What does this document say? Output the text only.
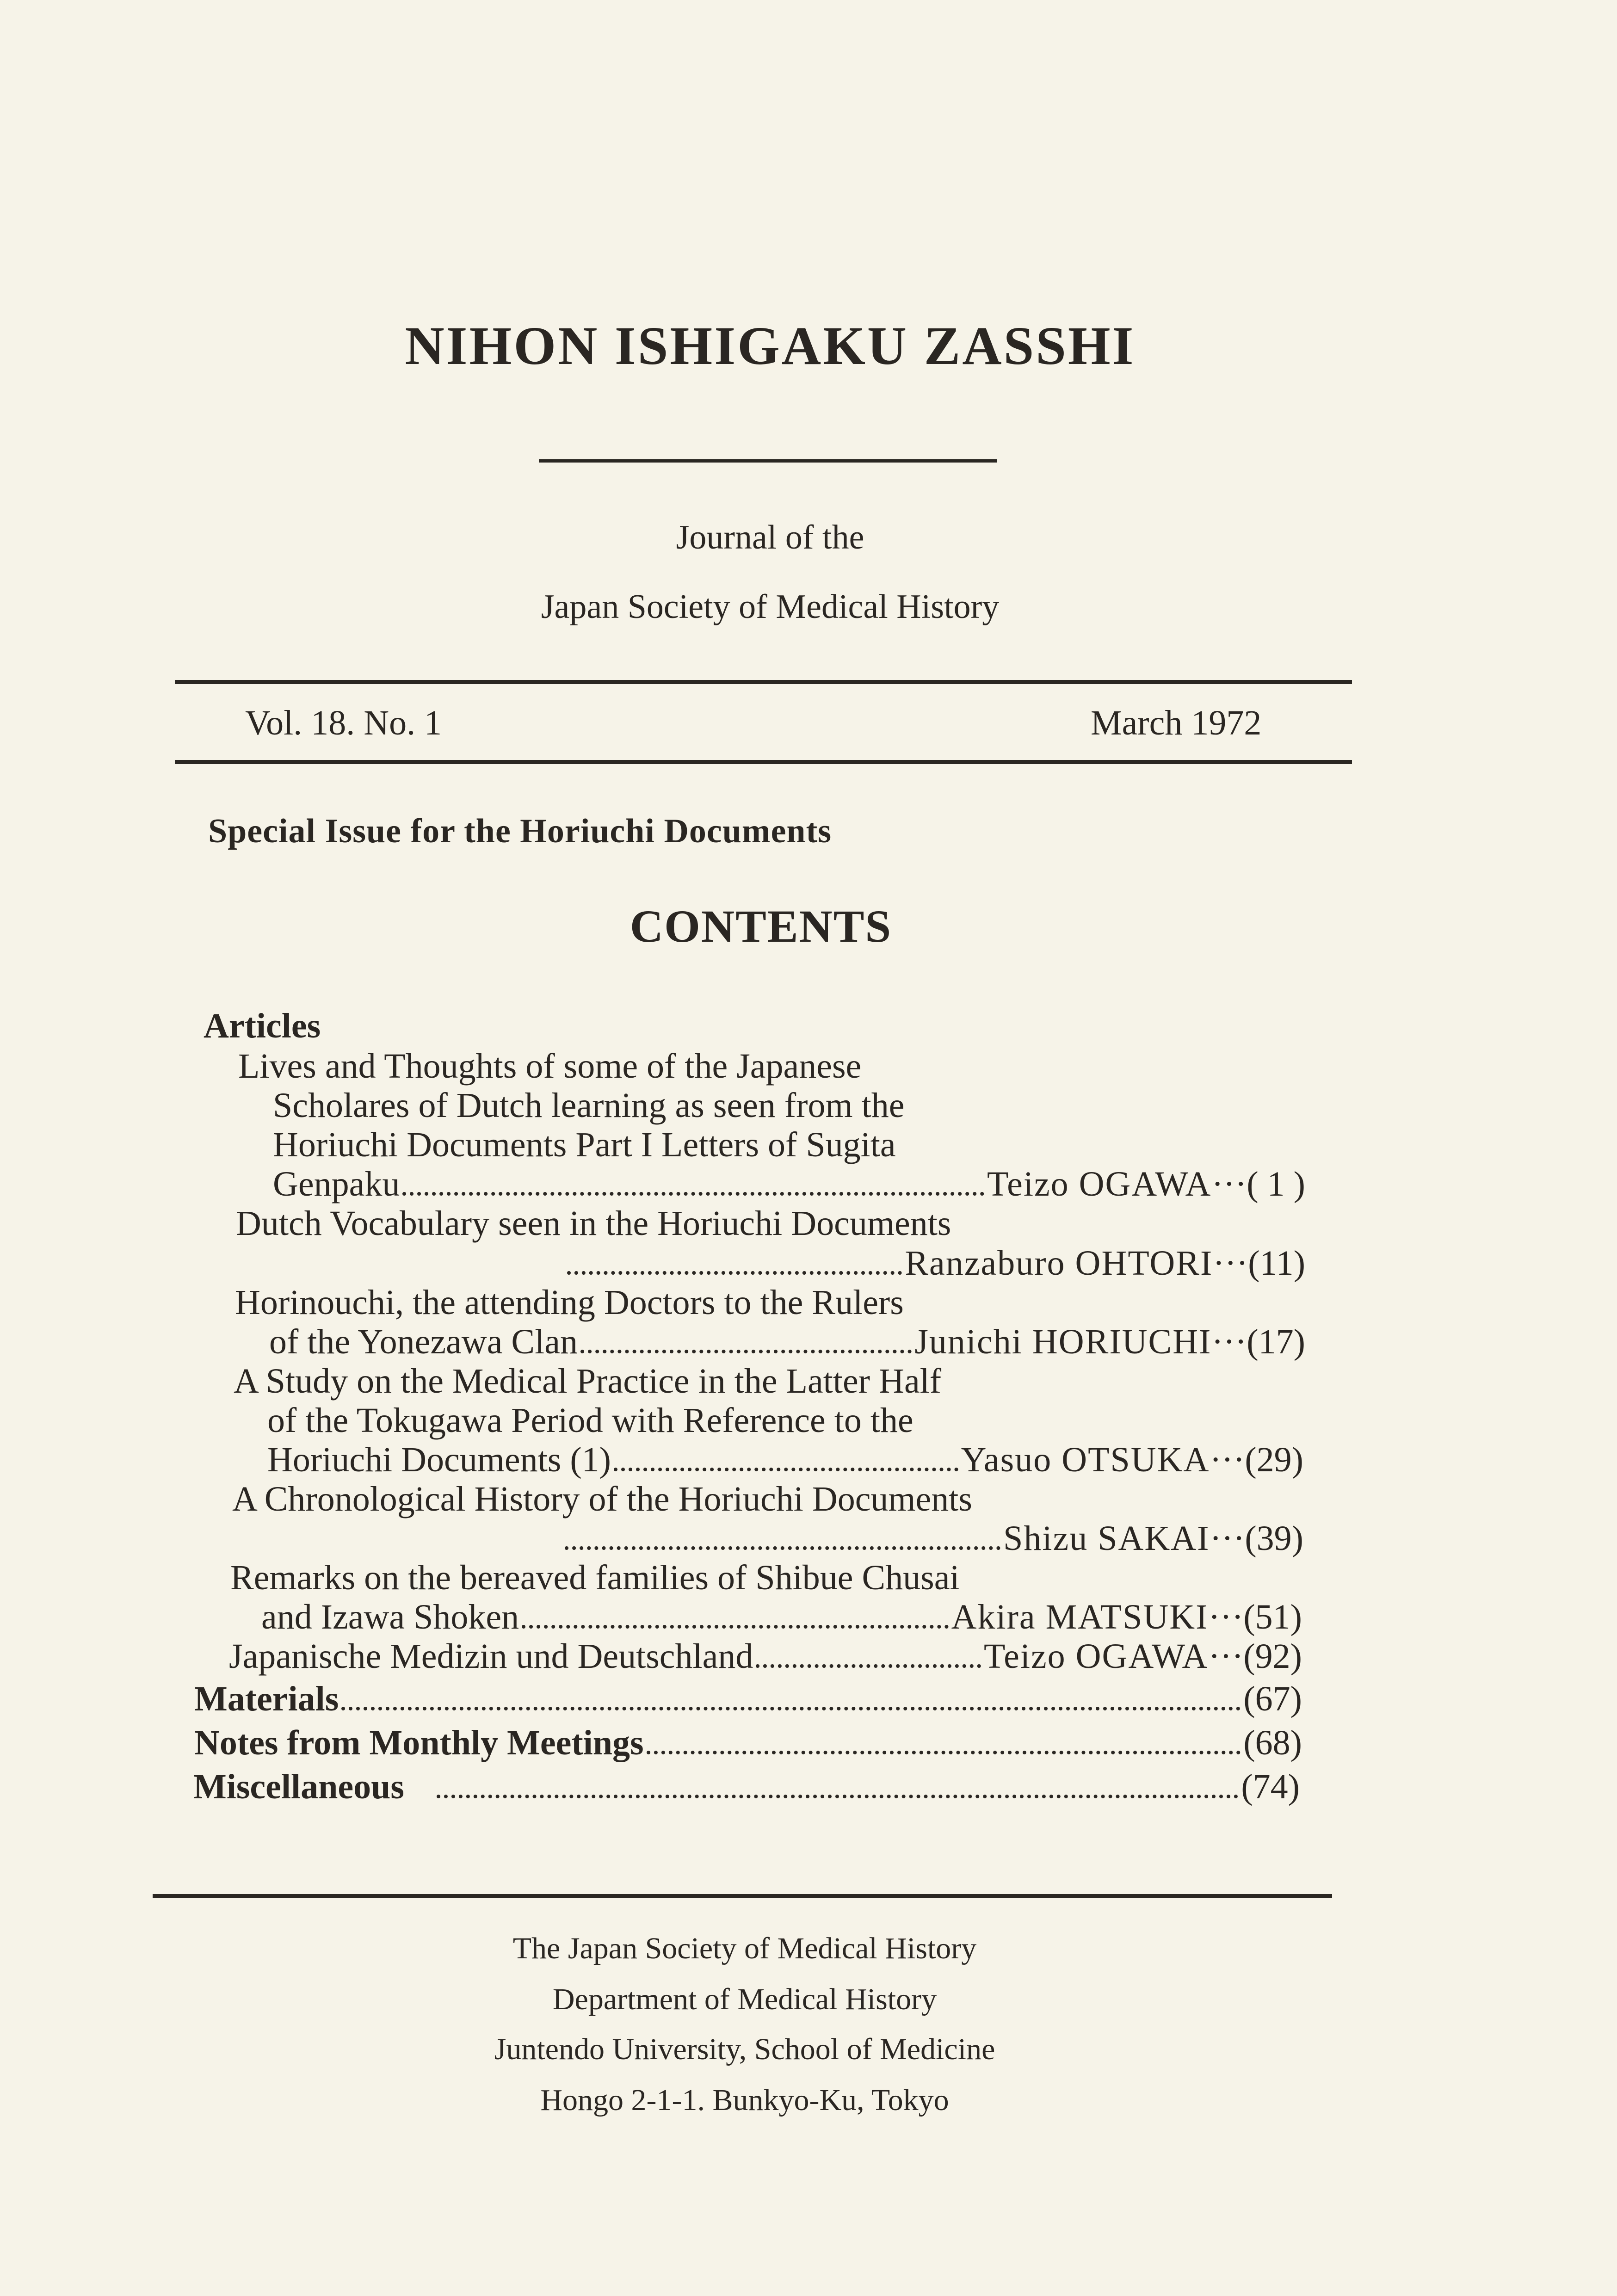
NIHON ISHIGAKU ZASSHI
Journal of the
Japan Society of Medical History
Vol. 18. No. 1	March 1972
Special Issue for the Horiuchi Documents
CONTENTS
Articles
Lives and Thoughts of some of the Japanese
Scholares of Dutch learning as seen from the
Horiuchi Documents Part I Letters of Sugita
Genpaku	Teizo OGAWA ··· ( 1 )
Dutch Vocabulary seen in the Horiuchi Documents
Ranzaburo OHTORI ··· (11)
Horinouchi, the attending Doctors to the Rulers
of the Yonezawa Clan	Junichi HORIUCHI ··· (17)
A Study on the Medical Practice in the Latter Half
of the Tokugawa Period with Reference to the
Horiuchi Documents (1)	Yasuo OTSUKA ··· (29)
A Chronological History of the Horiuchi Documents
Shizu SAKAI ··· (39)
Remarks on the bereaved families of Shibue Chusai
and Izawa Shoken	Akira MATSUKI ··· (51)
Japanische Medizin und Deutschland	Teizo OGAWA ··· (92)
Materials	(67)
Notes from Monthly Meetings	(68)
Miscellaneous	(74)
The Japan Society of Medical History
Department of Medical History
Juntendo University, School of Medicine
Hongo 2-1-1. Bunkyo-Ku, Tokyo
